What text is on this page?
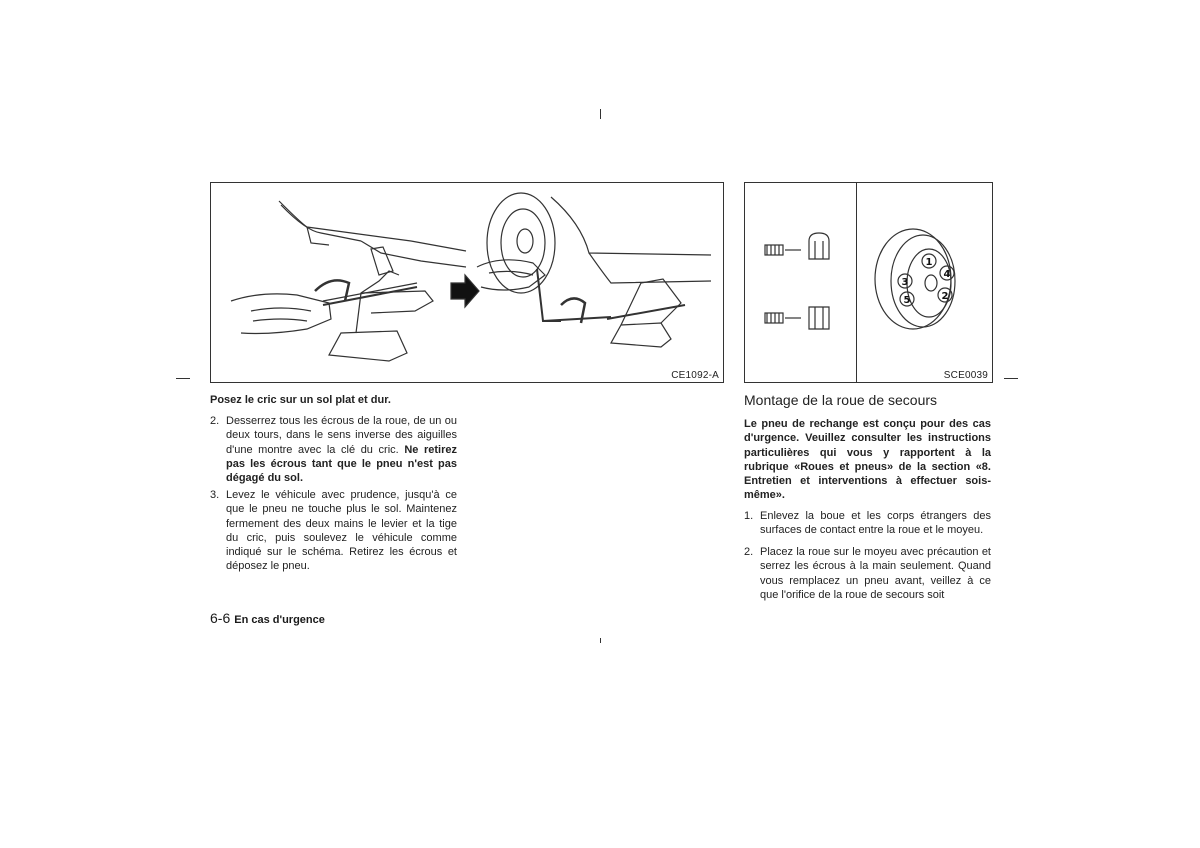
CE1092-A
1
2
3
4
5
SCE0039
Posez le cric sur un sol plat et dur.
2. Desserrez tous les écrous de la roue, de un ou deux tours, dans le sens inverse des aiguilles d'une montre avec la clé du cric. Ne retirez pas les écrous tant que le pneu n'est pas dégagé du sol.
3. Levez le véhicule avec prudence, jusqu'à ce que le pneu ne touche plus le sol. Maintenez fermement des deux mains le levier et la tige du cric, puis soulevez le véhicule comme indiqué sur le schéma. Retirez les écrous et déposez le pneu.
Montage de la roue de secours
Le pneu de rechange est conçu pour des cas d'urgence. Veuillez consulter les instructions particulières qui vous y rapportent à la rubrique «Roues et pneus» de la section «8. Entretien et interventions à effectuer sois-même».
1. Enlevez la boue et les corps étrangers des surfaces de contact entre la roue et le moyeu.
2. Placez la roue sur le moyeu avec précaution et serrez les écrous à la main seulement. Quand vous remplacez un pneu avant, veillez à ce que l'orifice de la roue de secours soit
6-6 En cas d'urgence
